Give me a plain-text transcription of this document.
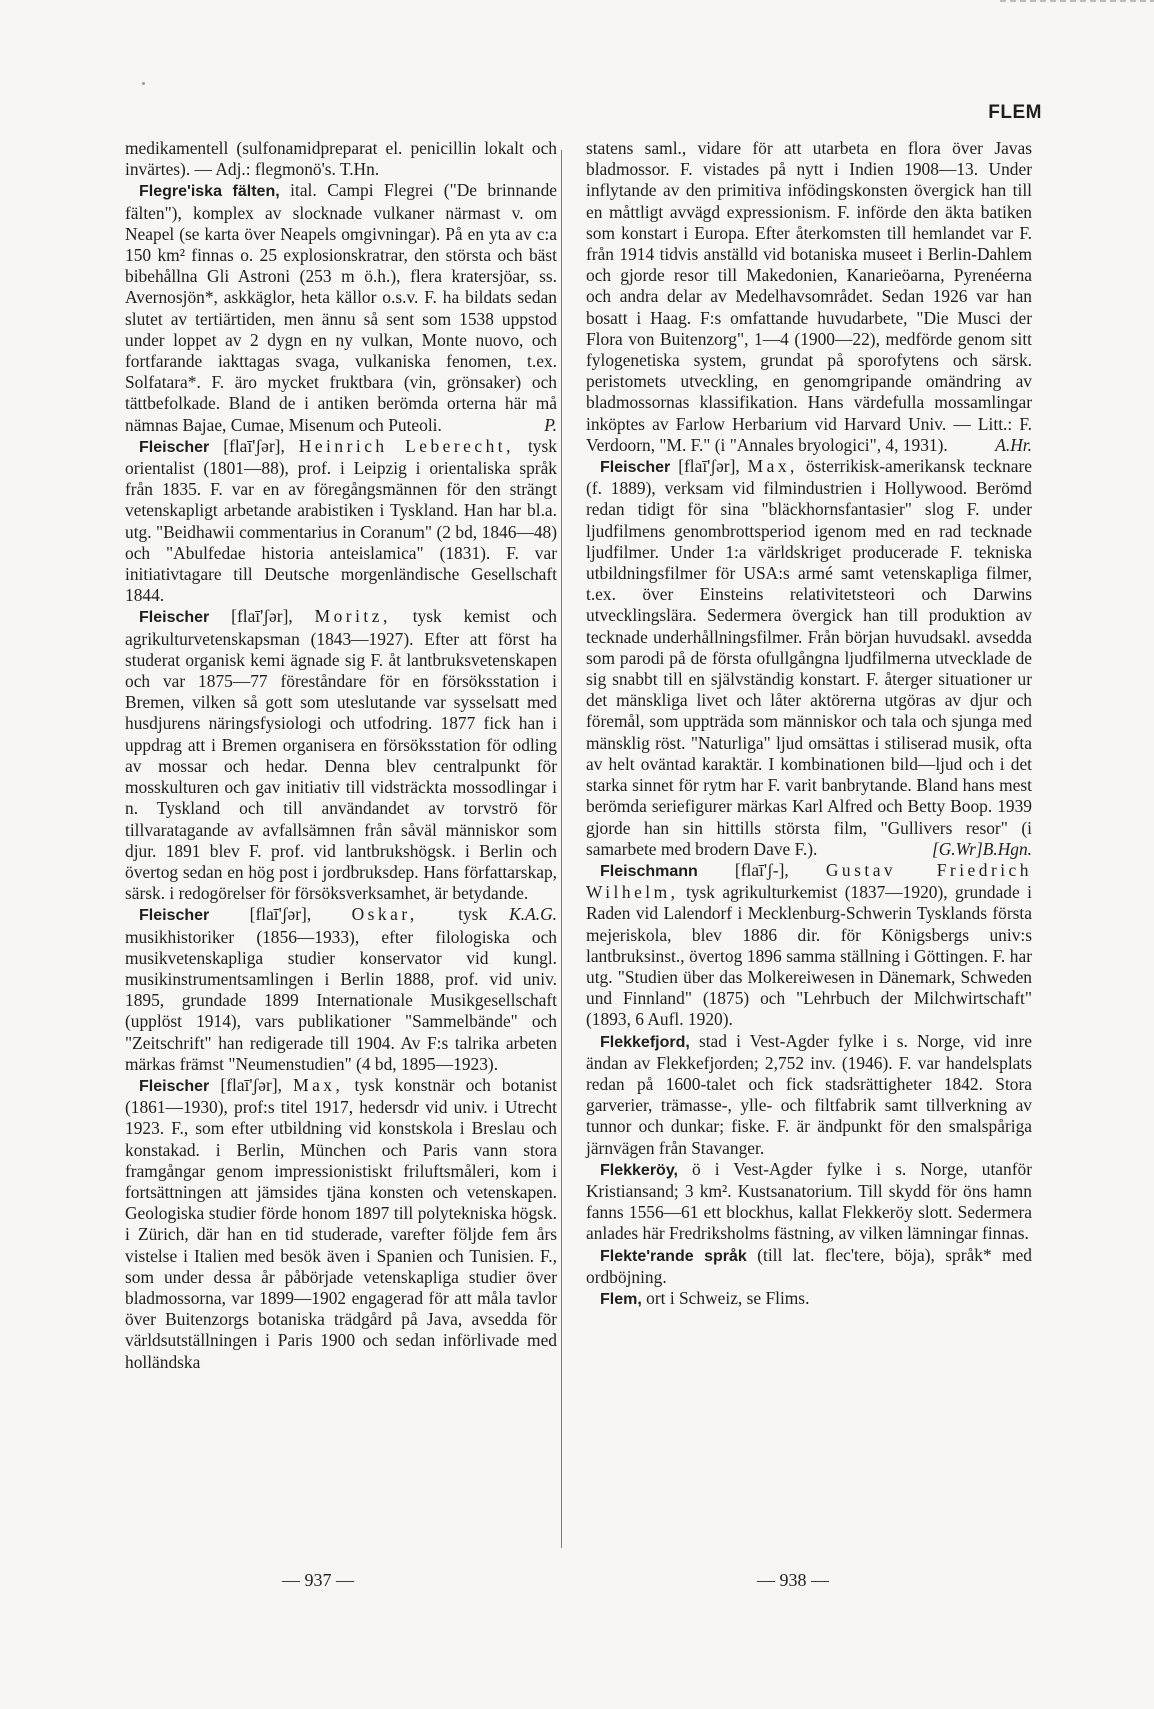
FLEM

medikamentell (sulfonamidpreparat el. penicillin lokalt och invärtes). — Adj.: flegmonö's. T.Hn.

Flegre'iska fälten, ital. Campi Flegrei ("De brinnande fälten"), komplex av slocknade vulkaner närmast v. om Neapel (se karta över Neapels omgivningar). På en yta av c:a 150 km² finnas o. 25 explosionskratrar, den största och bäst bibehållna Gli Astroni (253 m ö.h.), flera kratersjöar, ss. Avernosjön*, askkäglor, heta källor o.s.v. F. ha bildats sedan slutet av tertiärtiden, men ännu så sent som 1538 uppstod under loppet av 2 dygn en ny vulkan, Monte nuovo, och fortfarande iakttagas svaga, vulkaniska fenomen, t.ex. Solfatara*. F. äro mycket fruktbara (vin, grönsaker) och tättbefolkade. Bland de i antiken berömda orterna här må nämnas Bajae, Cumae, Misenum och Puteoli.	P.

Fleischer [flaī'ʃər], Heinrich Leberecht, tysk orientalist (1801—88), prof. i Leipzig i orientaliska språk från 1835. F. var en av föregångsmännen för den strängt vetenskapligt arbetande arabistiken i Tyskland. Han har bl.a. utg. "Beidhawii commentarius in Coranum" (2 bd, 1846—48) och "Abulfedae historia anteislamica" (1831). F. var initiativtagare till Deutsche morgenländische Gesellschaft 1844.

Fleischer [flaī'ʃər], Moritz, tysk kemist och agrikulturvetenskapsman (1843—1927). Efter att först ha studerat organisk kemi ägnade sig F. åt lantbruksvetenskapen och var 1875—77 föreståndare för en försöksstation i Bremen, vilken så gott som uteslutande var sysselsatt med husdjurens näringsfysiologi och utfodring. 1877 fick han i uppdrag att i Bremen organisera en försöksstation för odling av mossar och hedar. Denna blev centralpunkt för mosskulturen och gav initiativ till vidsträckta mossodlingar i n. Tyskland och till användandet av torvströ för tillvaratagande av avfallsämnen från såväl människor som djur. 1891 blev F. prof. vid lantbrukshögsk. i Berlin och övertog sedan en hög post i jordbruksdep. Hans författarskap, särsk. i redogörelser för försöksverksamhet, är betydande.
K.A.G.

Fleischer [flaī'ʃər], Oskar, tysk musikhistoriker (1856—1933), efter filologiska och musikvetenskapliga studier konservator vid kungl. musikinstrumentsamlingen i Berlin 1888, prof. vid univ. 1895, grundade 1899 Internationale Musikgesellschaft (upplöst 1914), vars publikationer "Sammelbände" och "Zeitschrift" han redigerade till 1904. Av F:s talrika arbeten märkas främst "Neumenstudien" (4 bd, 1895—1923).

Fleischer [flaī'ʃər], Max, tysk konstnär och botanist (1861—1930), prof:s titel 1917, hedersdr vid univ. i Utrecht 1923. F., som efter utbildning vid konstskola i Breslau och konstakad. i Berlin, München och Paris vann stora framgångar genom impressionistiskt friluftsmåleri, kom i fortsättningen att jämsides tjäna konsten och vetenskapen. Geologiska studier förde honom 1897 till polytekniska högsk. i Zürich, där han en tid studerade, varefter följde fem års vistelse i Italien med besök även i Spanien och Tunisien. F., som under dessa år påbörjade vetenskapliga studier över bladmossorna, var 1899—1902 engagerad för att måla tavlor över Buitenzorgs botaniska trädgård på Java, avsedda för världsutställningen i Paris 1900 och sedan införlivade med holländska

statens saml., vidare för att utarbeta en flora över Javas bladmossor. F. vistades på nytt i Indien 1908—13. Under inflytande av den primitiva infödingskonsten övergick han till en måttligt avvägd expressionism. F. införde den äkta batiken som konstart i Europa. Efter återkomsten till hemlandet var F. från 1914 tidvis anställd vid botaniska museet i Berlin-Dahlem och gjorde resor till Makedonien, Kanarieöarna, Pyrenéerna och andra delar av Medelhavsområdet. Sedan 1926 var han bosatt i Haag. F:s omfattande huvudarbete, "Die Musci der Flora von Buitenzorg", 1—4 (1900—22), medförde genom sitt fylogenetiska system, grundat på sporofytens och särsk. peristomets utveckling, en genomgripande omändring av bladmossornas klassifikation. Hans värdefulla mossamlingar inköptes av Farlow Herbarium vid Harvard Univ. — Litt.: F. Verdoorn, "M. F." (i "Annales bryologici", 4, 1931).	A.Hr.

Fleischer [flaī'ʃər], Max, österrikisk-amerikansk tecknare (f. 1889), verksam vid filmindustrien i Hollywood. Berömd redan tidigt för sina "bläckhornsfantasier" slog F. under ljudfilmens genombrottsperiod igenom med en rad tecknade ljudfilmer. Under 1:a världskriget producerade F. tekniska utbildningsfilmer för USA:s armé samt vetenskapliga filmer, t.ex. över Einsteins relativitetsteori och Darwins utvecklingslära. Sedermera övergick han till produktion av tecknade underhållningsfilmer. Från början huvudsakl. avsedda som parodi på de första ofullgångna ljudfilmerna utvecklade de sig snabbt till en självständig konstart. F. återger situationer ur det mänskliga livet och låter aktörerna utgöras av djur och föremål, som uppträda som människor och tala och sjunga med mänsklig röst. "Naturliga" ljud omsättas i stiliserad musik, ofta av helt oväntad karaktär. I kombinationen bild—ljud och i det starka sinnet för rytm har F. varit banbrytande. Bland hans mest berömda seriefigurer märkas Karl Alfred och Betty Boop. 1939 gjorde han sin hittills största film, "Gullivers resor" (i samarbete med brodern Dave F.).	[G.Wr]B.Hgn.

Fleischmann [flaī'ʃ-], Gustav Friedrich Wilhelm, tysk agrikulturkemist (1837—1920), grundade i Raden vid Lalendorf i Mecklenburg-Schwerin Tysklands första mejeriskola, blev 1886 dir. för Königsbergs univ:s lantbruksinst., övertog 1896 samma ställning i Göttingen. F. har utg. "Studien über das Molkereiwesen in Dänemark, Schweden und Finnland" (1875) och "Lehrbuch der Milchwirtschaft" (1893, 6 Aufl. 1920).

Flekkefjord, stad i Vest-Agder fylke i s. Norge, vid inre ändan av Flekkefjorden; 2,752 inv. (1946). F. var handelsplats redan på 1600-talet och fick stadsrättigheter 1842. Stora garverier, trämasse-, ylle- och filtfabrik samt tillverkning av tunnor och dunkar; fiske. F. är ändpunkt för den smalspåriga järnvägen från Stavanger.

Flekkeröy, ö i Vest-Agder fylke i s. Norge, utanför Kristiansand; 3 km². Kustsanatorium. Till skydd för öns hamn fanns 1556—61 ett blockhus, kallat Flekkeröy slott. Sedermera anlades här Fredriksholms fästning, av vilken lämningar finnas.

Flekte'rande språk (till lat. flec'tere, böja), språk* med ordböjning.

Flem, ort i Schweiz, se Flims.

— 937 —	— 938 —
